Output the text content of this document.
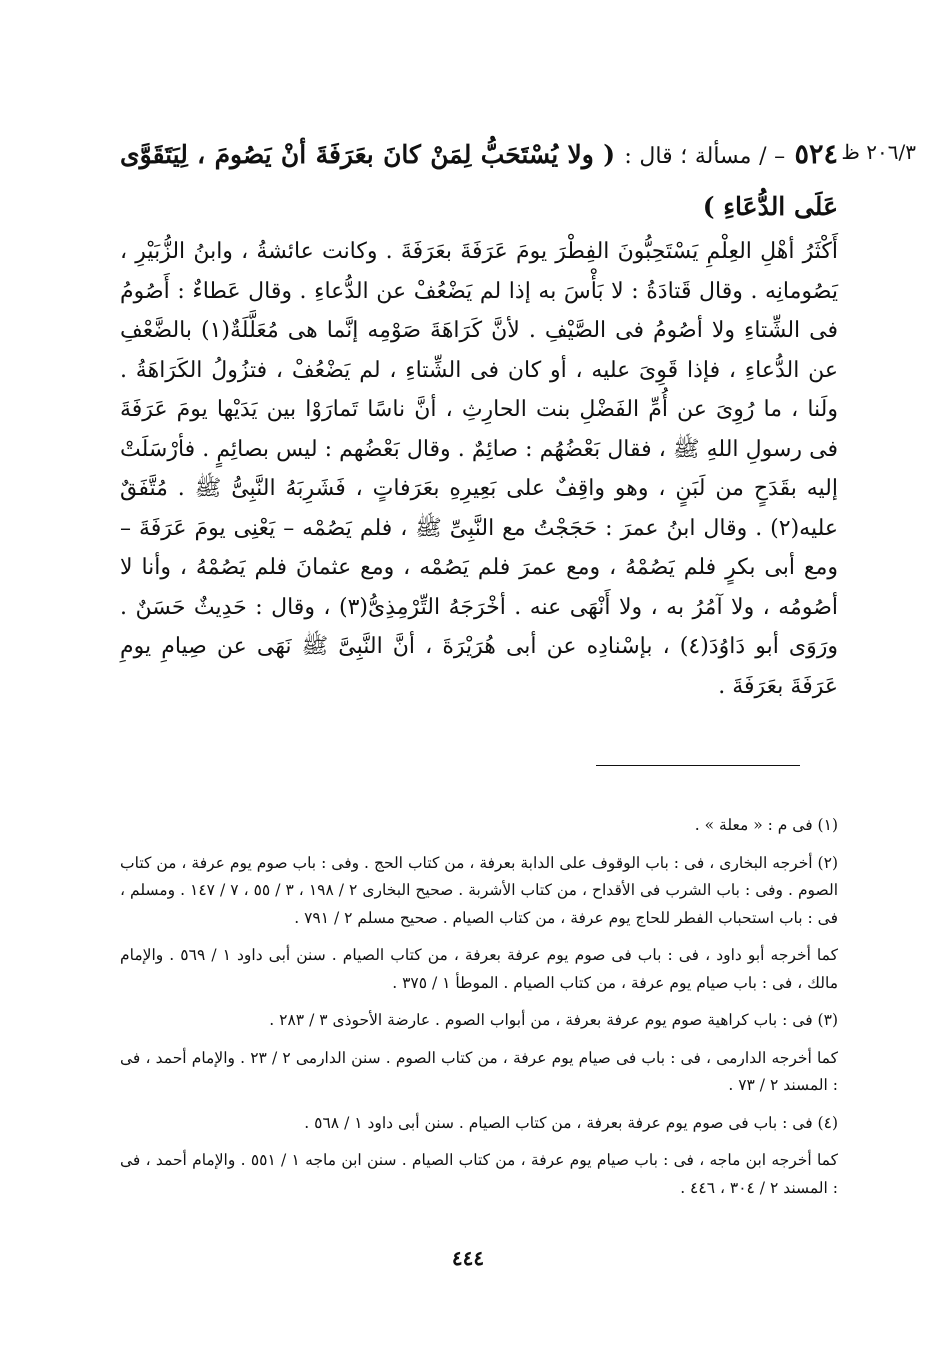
٢٠٦/٣ ظ
٥٢٤ – / مسألة ؛ قال : ( ولا يُسْتَحَبُّ لِمَنْ كانَ بعَرَفَةَ أنْ يَصُومَ ، لِيَتَقَوَّى عَلَى الدُّعَاءِ )
أَكْثَرُ أهْلِ العِلْمِ يَسْتَحِبُّونَ الفِطْرَ يومَ عَرَفَةَ بعَرَفَةَ . وكانت عائشةُ ، وابنُ الزُّبَيْرِ ، يَصُومانِه . وقال قَتادَةُ : لا بَأْسَ به إذا لم يَضْعُفْ عن الدُّعاءِ . وقال عَطاءٌ : أَصُومُ فى الشِّتاءِ ولا أصُومُ فى الصَّيْفِ . لأنَّ كَرَاهَةَ صَوْمِه إنَّما هى مُعَلَّلَةٌ(١) بالضَّعْفِ عن الدُّعاءِ ، فإذا قَوِىَ عليه ، أو كان فى الشِّتاءِ ، لم يَضْعُفْ ، فتزُولُ الكَرَاهَةُ . ولَنا ، ما رُوِىَ عن أُمِّ الفَضْلِ بنت الحارِثِ ، أنَّ ناسًا تَمارَوْا بين يَدَيْها يومَ عَرَفَةَ فى رسولِ اللهِ ﷺ ، فقال بَعْضُهُم : صائِمٌ . وقال بَعْضُهم : ليس بصائِمٍ . فأرْسَلَتْ إليه بقَدَحٍ من لَبَنٍ ، وهو واقِفٌ على بَعِيرِهِ بعَرَفاتٍ ، فَشَرِبَهُ النَّبِىُّ ﷺ . مُتَّفَقٌ عليه(٢) . وقال ابنُ عمرَ : حَجَجْتُ مع النَّبِىِّ ﷺ ، فلم يَصُمْه – يَعْنِى يومَ عَرَفَةَ – ومع أبى بكرٍ فلم يَصُمْهُ ، ومع عمرَ فلم يَصُمْه ، ومع عثمانَ فلم يَصُمْهُ ، وأنا لا أصُومُه ، ولا آمُرُ به ، ولا أَنْهَى عنه . أخْرَجَهُ التِّرْمِذِىُّ(٣) ، وقال : حَدِيثٌ حَسَنٌ . ورَوَى أبو دَاوُدَ(٤) ، بإسْنادِه عن أبى هُرَيْرَةَ ، أنَّ النَّبِىَّ ﷺ نَهَى عن صِيامِ يومِ عَرَفَةَ بعَرَفَةَ .

(١) فى م : « معلة » .

(٢) أخرجه البخارى ، فى : باب الوقوف على الدابة بعرفة ، من كتاب الحج . وفى : باب صوم يوم عرفة ، من كتاب الصوم . وفى : باب الشرب فى الأقداح ، من كتاب الأشربة . صحيح البخارى ٢ / ١٩٨ ، ٣ / ٥٥ ، ٧ / ١٤٧ . ومسلم ، فى : باب استحباب الفطر للحاج يوم عرفة ، من كتاب الصيام . صحيح مسلم ٢ / ٧٩١ .

كما أخرجه أبو داود ، فى : باب فى صوم يوم عرفة بعرفة ، من كتاب الصيام . سنن أبى داود ١ / ٥٦٩ . والإمام مالك ، فى : باب صيام يوم عرفة ، من كتاب الصيام . الموطأ ١ / ٣٧٥ .

(٣) فى : باب كراهية صوم يوم عرفة بعرفة ، من أبواب الصوم . عارضة الأحوذى ٣ / ٢٨٣ .

كما أخرجه الدارمى ، فى : باب فى صيام يوم عرفة ، من كتاب الصوم . سنن الدارمى ٢ / ٢٣ . والإمام أحمد ، فى : المسند ٢ / ٧٣ .

(٤) فى : باب فى صوم يوم عرفة بعرفة ، من كتاب الصيام . سنن أبى داود ١ / ٥٦٨ .

كما أخرجه ابن ماجه ، فى : باب صيام يوم عرفة ، من كتاب الصيام . سنن ابن ماجه ١ / ٥٥١ . والإمام أحمد ، فى : المسند ٢ / ٣٠٤ ، ٤٤٦ .

٤٤٤
